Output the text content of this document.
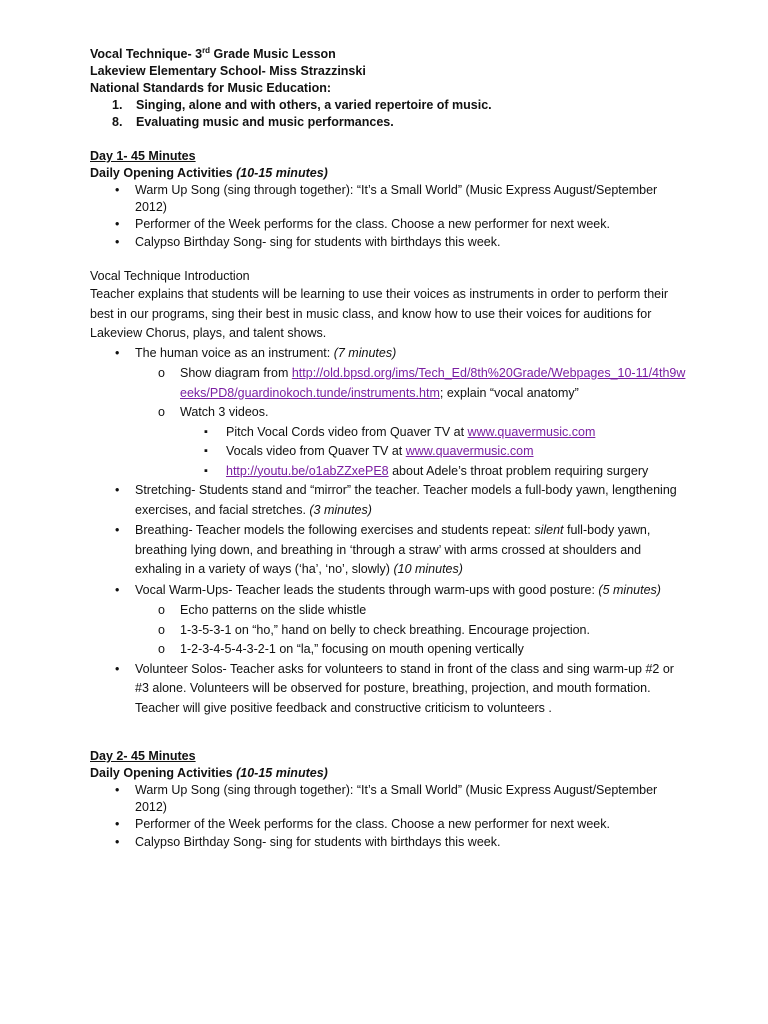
Vocal Technique- 3rd Grade Music Lesson
Lakeview Elementary School- Miss Strazzinski
National Standards for Music Education:
1.	Singing, alone and with others, a varied repertoire of music.
8.	Evaluating music and music performances.
Day 1- 45 Minutes
Daily Opening Activities (10-15 minutes)
• Warm Up Song (sing through together): “It’s a Small World” (Music Express August/September 2012)
• Performer of the Week performs for the class. Choose a new performer for next week.
• Calypso Birthday Song- sing for students with birthdays this week.
Vocal Technique Introduction
Teacher explains that students will be learning to use their voices as instruments in order to perform their best in our programs, sing their best in music class, and know how to use their voices for auditions for Lakeview Chorus, plays, and talent shows.
• The human voice as an instrument: (7 minutes)
o Show diagram from http://old.bpsd.org/ims/Tech_Ed/8th%20Grade/Webpages_10-11/4th9weeks/PD8/guardinokoch.tunde/instruments.htm; explain “vocal anatomy”
o Watch 3 videos.
▪ Pitch Vocal Cords video from Quaver TV at www.quavermusic.com
▪ Vocals video from Quaver TV at www.quavermusic.com
▪ http://youtu.be/o1abZZxePE8 about Adele’s throat problem requiring surgery
• Stretching- Students stand and “mirror” the teacher. Teacher models a full-body yawn, lengthening exercises, and facial stretches. (3 minutes)
• Breathing- Teacher models the following exercises and students repeat: silent full-body yawn, breathing lying down, and breathing in ‘through a straw’ with arms crossed at shoulders and exhaling in a variety of ways (‘ha’, ‘no’, slowly) (10 minutes)
• Vocal Warm-Ups- Teacher leads the students through warm-ups with good posture: (5 minutes)
o Echo patterns on the slide whistle
o 1-3-5-3-1 on “ho,” hand on belly to check breathing. Encourage projection.
o 1-2-3-4-5-4-3-2-1 on “la,” focusing on mouth opening vertically
• Volunteer Solos- Teacher asks for volunteers to stand in front of the class and sing warm-up #2 or #3 alone. Volunteers will be observed for posture, breathing, projection, and mouth formation. Teacher will give positive feedback and constructive criticism to volunteers .
Day 2- 45 Minutes
Daily Opening Activities (10-15 minutes)
• Warm Up Song (sing through together): “It’s a Small World” (Music Express August/September 2012)
• Performer of the Week performs for the class. Choose a new performer for next week.
• Calypso Birthday Song- sing for students with birthdays this week.
